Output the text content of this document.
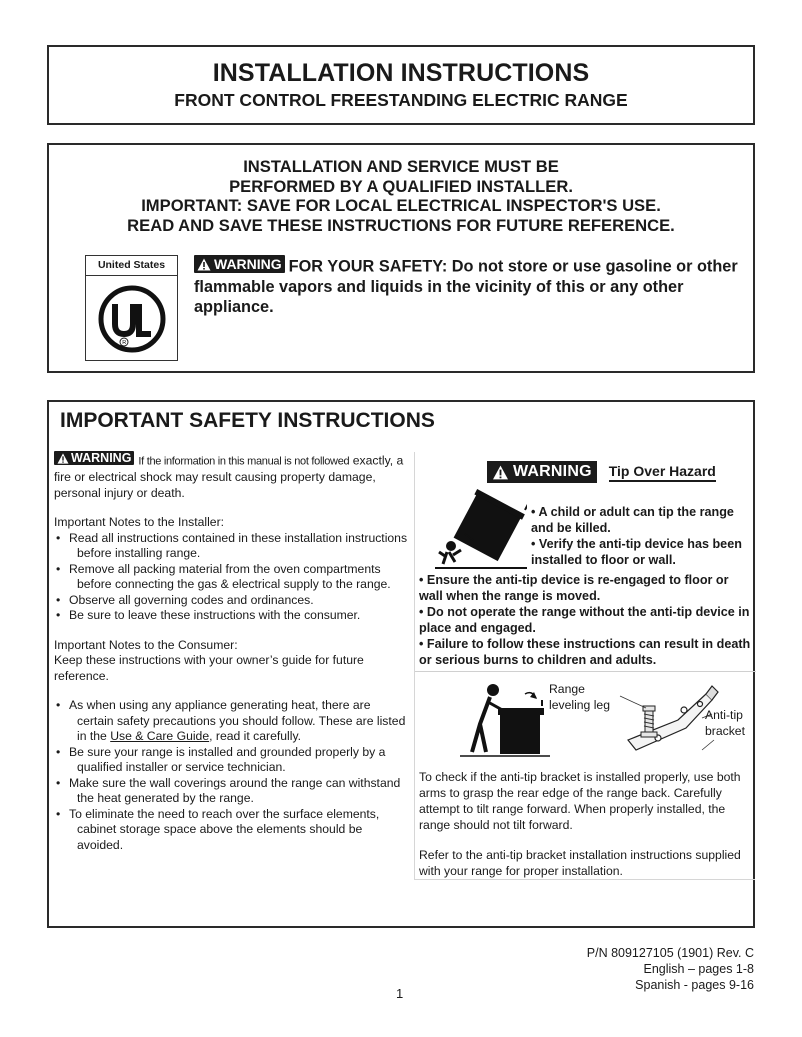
INSTALLATION INSTRUCTIONS
FRONT CONTROL FREESTANDING ELECTRIC RANGE
INSTALLATION AND SERVICE MUST BE
PERFORMED BY A QUALIFIED INSTALLER.
IMPORTANT: SAVE FOR LOCAL ELECTRICAL INSPECTOR'S USE.
READ AND SAVE THESE INSTRUCTIONS FOR FUTURE REFERENCE.
United States
R
WARNING FOR YOUR SAFETY: Do not store or use gasoline or other flammable vapors and liquids in the vicinity of this or any other appliance.
IMPORTANT SAFETY INSTRUCTIONS
WARNING If the information in this manual is not followed exactly, a fire or electrical shock may result causing property damage, personal injury or death.
Important Notes to the Installer:
• Read all instructions contained in these installation instructions before installing range.
• Remove all packing material from the oven compartments before connecting the gas & electrical supply to the range.
• Observe all governing codes and ordinances.
• Be sure to leave these instructions with the consumer.
Important Notes to the Consumer:
Keep these instructions with your owner’s guide for future reference.
• As when using any appliance generating heat, there are certain safety precautions you should follow. These are listed in the Use & Care Guide, read it carefully.
• Be sure your range is installed and grounded properly by a qualified installer or service technician.
• Make sure the wall coverings around the range can withstand the heat generated by the range.
• To eliminate the need to reach over the surface elements, cabinet storage space above the elements should be avoided.
WARNING Tip Over Hazard
• A child or adult can tip the range and be killed.
• Verify the anti-tip device has been installed to floor or wall.
• Ensure the anti-tip device is re-engaged to floor or wall when the range is moved.
• Do not operate the range without the anti-tip device in place and engaged.
• Failure to follow these instructions can result in death or serious burns to children and adults.
Range leveling leg
Anti-tip bracket
To check if the anti-tip bracket is installed properly, use both arms to grasp the rear edge of the range back. Carefully attempt to tilt range forward. When properly installed, the range should not tilt forward.
Refer to the anti-tip bracket installation instructions supplied with your range for proper installation.
P/N 809127105 (1901) Rev. C
English – pages 1-8
Spanish - pages 9-16
1
